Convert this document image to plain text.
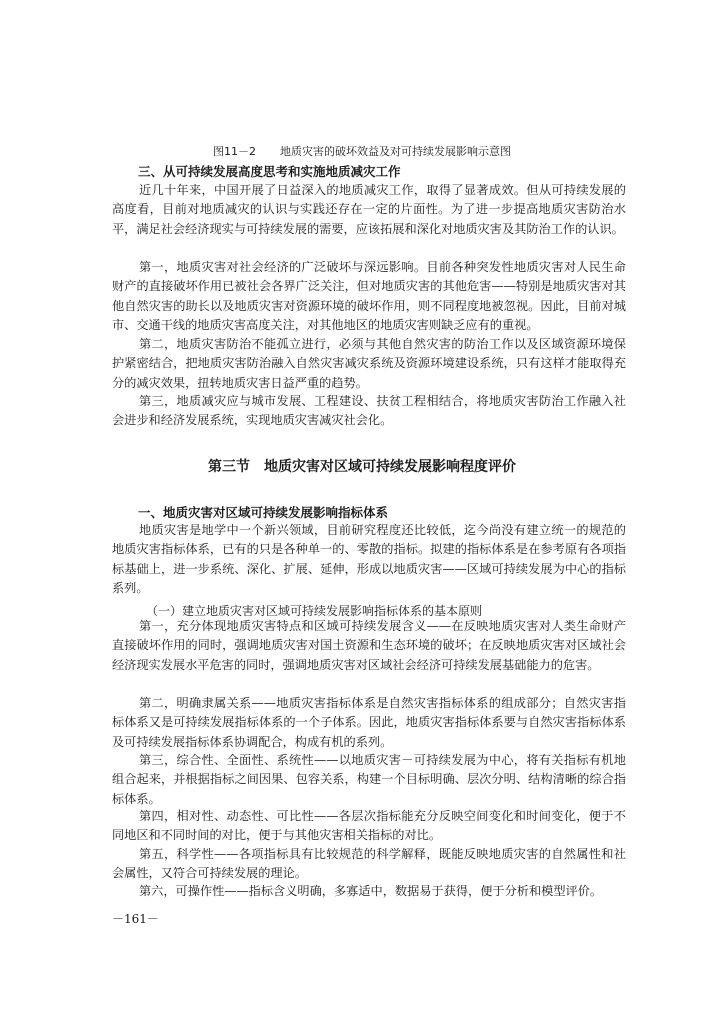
图11－2 地质灾害的破坏效益及对可持续发展影响示意图
三、从可持续发展高度思考和实施地质减灾工作

近几十年来，中国开展了日益深入的地质减灾工作，取得了显著成效。但从可持续发展的高度看，目前对地质减灾的认识与实践还存在一定的片面性。为了进一步提高地质灾害防治水平，满足社会经济现实与可持续发展的需要，应该拓展和深化对地质灾害及其防治工作的认识。

第一，地质灾害对社会经济的广泛破坏与深远影响。目前各种突发性地质灾害对人民生命财产的直接破坏作用已被社会各界广泛关注，但对地质灾害的其他危害——特别是地质灾害对其他自然灾害的助长以及地质灾害对资源环境的破坏作用，则不同程度地被忽视。因此，目前对城市、交通干线的地质灾害高度关注，对其他地区的地质灾害则缺乏应有的重视。

第二，地质灾害防治不能孤立进行，必须与其他自然灾害的防治工作以及区域资源环境保护紧密结合，把地质灾害防治融入自然灾害减灾系统及资源环境建设系统，只有这样才能取得充分的减灾效果，扭转地质灾害日益严重的趋势。

第三，地质减灾应与城市发展、工程建设、扶贫工程相结合，将地质灾害防治工作融入社会进步和经济发展系统，实现地质灾害减灾社会化。

第三节　地质灾害对区域可持续发展影响程度评价
一、地质灾害对区域可持续发展影响指标体系

地质灾害是地学中一个新兴领域，目前研究程度还比较低，迄今尚没有建立统一的规范的地质灾害指标体系，已有的只是各种单一的、零散的指标。拟建的指标体系是在参考原有各项指标基础上，进一步系统、深化、扩展、延伸，形成以地质灾害——区域可持续发展为中心的指标系列。

（一）建立地质灾害对区域可持续发展影响指标体系的基本原则

第一，充分体现地质灾害特点和区域可持续发展含义——在反映地质灾害对人类生命财产直接破坏作用的同时，强调地质灾害对国土资源和生态环境的破坏；在反映地质灾害对区域社会经济现实发展水平危害的同时，强调地质灾害对区域社会经济可持续发展基础能力的危害。

第二，明确隶属关系——地质灾害指标体系是自然灾害指标体系的组成部分；自然灾害指标体系又是可持续发展指标体系的一个子体系。因此，地质灾害指标体系要与自然灾害指标体系及可持续发展指标体系协调配合，构成有机的系列。

第三，综合性、全面性、系统性——以地质灾害－可持续发展为中心，将有关指标有机地组合起来，并根据指标之间因果、包容关系，构建一个目标明确、层次分明、结构清晰的综合指标体系。

第四，相对性、动态性、可比性——各层次指标能充分反映空间变化和时间变化，便于不同地区和不同时间的对比，便于与其他灾害相关指标的对比。

第五，科学性——各项指标具有比较规范的科学解释，既能反映地质灾害的自然属性和社会属性，又符合可持续发展的理论。

第六，可操作性——指标含义明确，多寡适中，数据易于获得，便于分析和模型评价。

－161－
